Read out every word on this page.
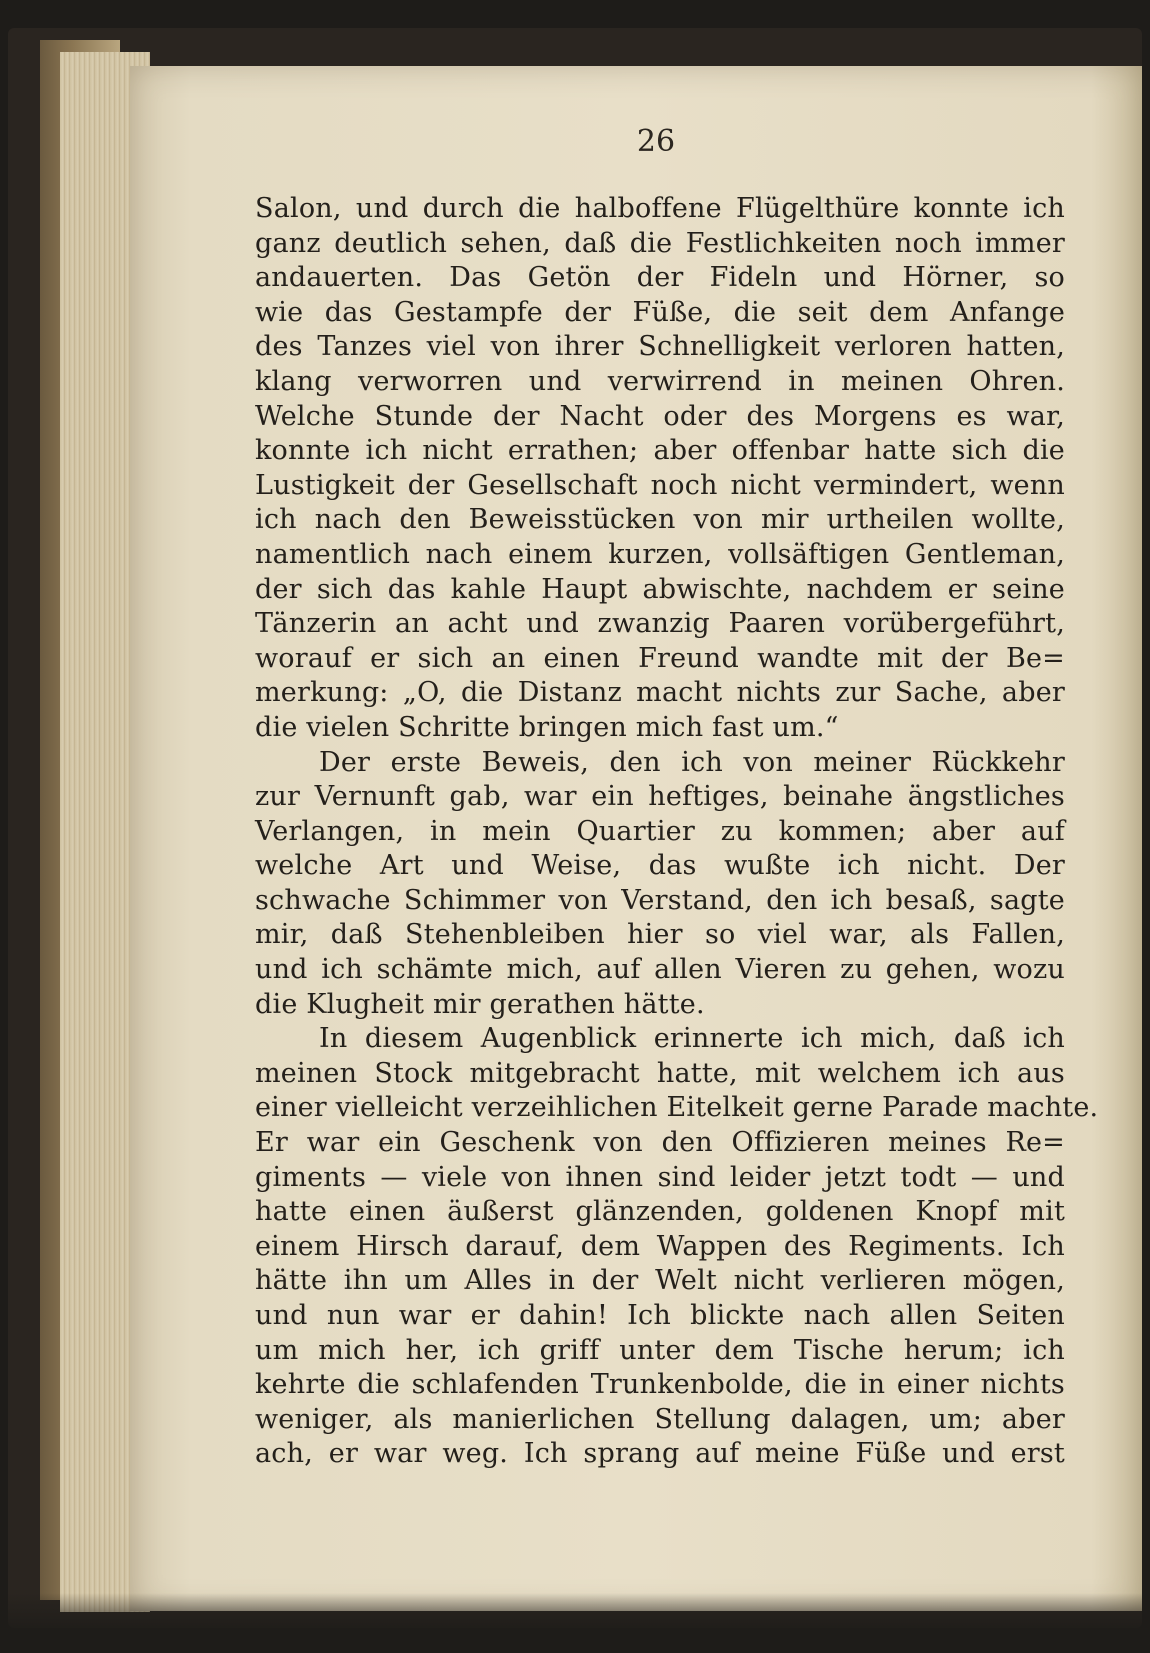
26
Salon, und durch die halboffene Flügelthüre konnte ich
ganz deutlich sehen, daß die Festlichkeiten noch immer
andauerten. Das Getön der Fideln und Hörner, so
wie das Gestampfe der Füße, die seit dem Anfange
des Tanzes viel von ihrer Schnelligkeit verloren hatten,
klang verworren und verwirrend in meinen Ohren.
Welche Stunde der Nacht oder des Morgens es war,
konnte ich nicht errathen; aber offenbar hatte sich die
Lustigkeit der Gesellschaft noch nicht vermindert, wenn
ich nach den Beweisstücken von mir urtheilen wollte,
namentlich nach einem kurzen, vollsäftigen Gentleman,
der sich das kahle Haupt abwischte, nachdem er seine
Tänzerin an acht und zwanzig Paaren vorübergeführt,
worauf er sich an einen Freund wandte mit der Be=
merkung: „O, die Distanz macht nichts zur Sache, aber
die vielen Schritte bringen mich fast um.“
Der erste Beweis, den ich von meiner Rückkehr
zur Vernunft gab, war ein heftiges, beinahe ängstliches
Verlangen, in mein Quartier zu kommen; aber auf
welche Art und Weise, das wußte ich nicht. Der
schwache Schimmer von Verstand, den ich besaß, sagte
mir, daß Stehenbleiben hier so viel war, als Fallen,
und ich schämte mich, auf allen Vieren zu gehen, wozu
die Klugheit mir gerathen hätte.
In diesem Augenblick erinnerte ich mich, daß ich
meinen Stock mitgebracht hatte, mit welchem ich aus
einer vielleicht verzeihlichen Eitelkeit gerne Parade machte.
Er war ein Geschenk von den Offizieren meines Re=
giments — viele von ihnen sind leider jetzt todt — und
hatte einen äußerst glänzenden, goldenen Knopf mit
einem Hirsch darauf, dem Wappen des Regiments. Ich
hätte ihn um Alles in der Welt nicht verlieren mögen,
und nun war er dahin! Ich blickte nach allen Seiten
um mich her, ich griff unter dem Tische herum; ich
kehrte die schlafenden Trunkenbolde, die in einer nichts
weniger, als manierlichen Stellung dalagen, um; aber
ach, er war weg. Ich sprang auf meine Füße und erst
